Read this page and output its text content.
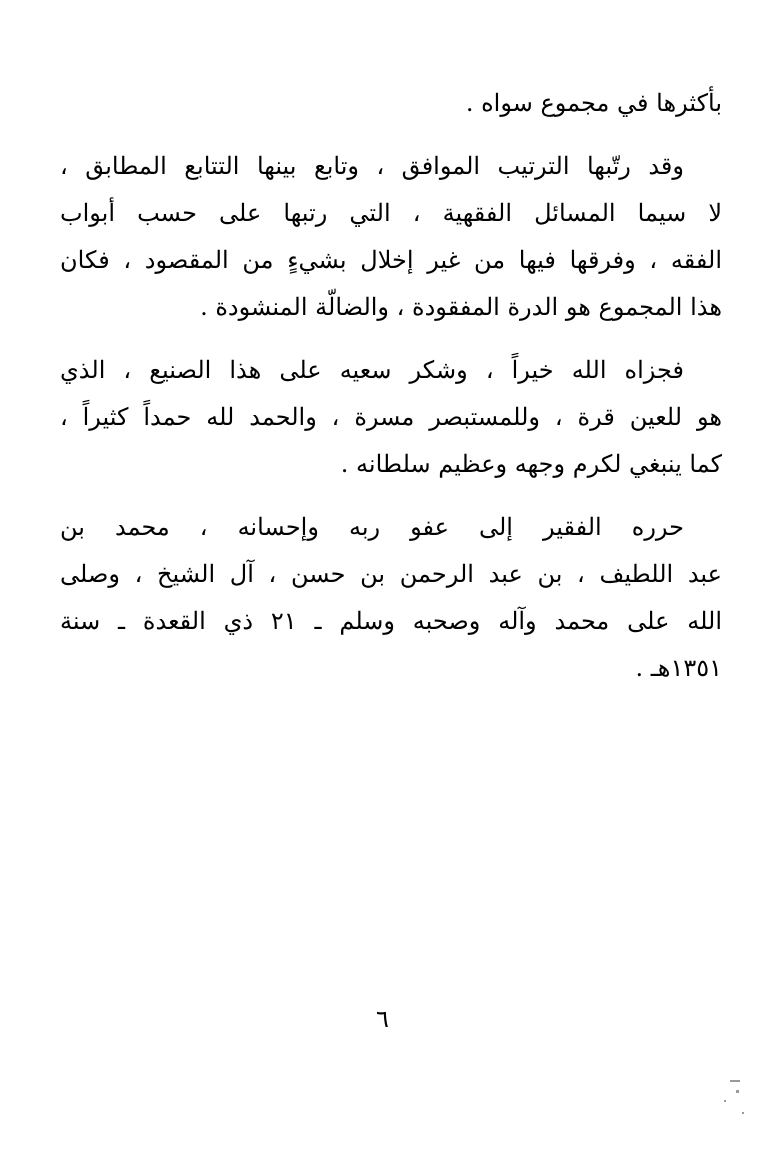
بأكثرها في مجموع سواه .

وقد رتّبها الترتيب الموافق ، وتابع بينها التتابع المطابق ،
لا سيما المسائل الفقهية ، التي رتبها على حسب أبواب
الفقه ، وفرقها فيها من غير إخلال بشيءٍ من المقصود ، فكان
هذا المجموع هو الدرة المفقودة ، والضالّة المنشودة .

فجزاه الله خيراً ، وشكر سعيه على هذا الصنيع ، الذي
هو للعين قرة ، وللمستبصر مسرة ، والحمد لله حمداً كثيراً ،
كما ينبغي لكرم وجهه وعظيم سلطانه .

حرره الفقير إلى عفو ربه وإحسانه ، محمد بن
عبد اللطيف ، بن عبد الرحمن بن حسن ، آل الشيخ ، وصلى
الله على محمد وآله وصحبه وسلم ـ ٢١ ذي القعدة ـ سنة
١٣٥١هـ .

٦
